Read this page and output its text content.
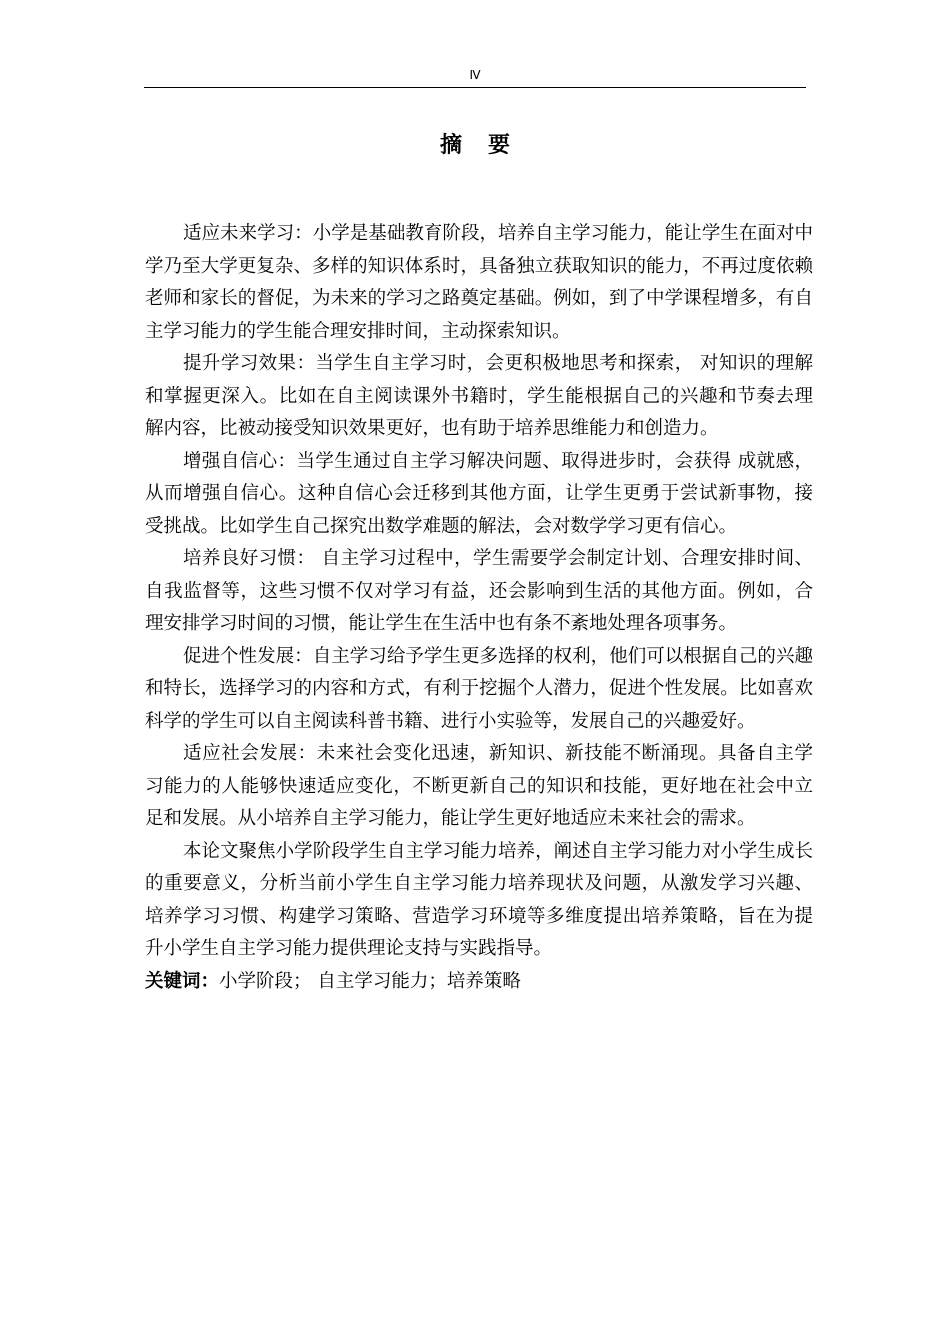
Ⅳ
摘要

适应未来学习：小学是基础教育阶段，培养自主学习能力，能让学生在面对中学乃至大学更复杂、多样的知识体系时，具备独立获取知识的能力，不再过度依赖老师和家长的督促，为未来的学习之路奠定基础。例如，到了中学课程增多，有自主学习能力的学生能合理安排时间，主动探索知识。

提升学习效果：当学生自主学习时，会更积极地思考和探索， 对知识的理解 和掌握更深入。比如在自主阅读课外书籍时，学生能根据自己的兴趣和节奏去理 解内容，比被动接受知识效果更好，也有助于培养思维能力和创造力。

增强自信心：当学生通过自主学习解决问题、取得进步时，会获得 成就感， 从而增强自信心。这种自信心会迁移到其他方面，让学生更勇于尝试新事物，接 受挑战。比如学生自己探究出数学难题的解法，会对数学学习更有信心。

培养良好习惯： 自主学习过程中，学生需要学会制定计划、合理安排时间、 自我监督等，这些习惯不仅对学习有益，还会影响到生活的其他方面。例如，合 理安排学习时间的习惯，能让学生在生活中也有条不紊地处理各项事务。

促进个性发展：自主学习给予学生更多选择的权利，他们可以根据自己的兴趣和特长，选择学习的内容和方式，有利于挖掘个人潜力，促进个性发展。比如喜欢科学的学生可以自主阅读科普书籍、进行小实验等，发展自己的兴趣爱好。

适应社会发展：未来社会变化迅速，新知识、新技能不断涌现。具备自主学 习能力的人能够快速适应变化，不断更新自己的知识和技能，更好地在社会中立 足和发展。从小培养自主学习能力，能让学生更好地适应未来社会的需求。

本论文聚焦小学阶段学生自主学习能力培养，阐述自主学习能力对小学生成长的重要意义，分析当前小学生自主学习能力培养现状及问题，从激发学习兴趣、 培养学习习惯、构建学习策略、营造学习环境等多维度提出培养策略，旨在为提 升小学生自主学习能力提供理论支持与实践指导。

关键词：小学阶段； 自主学习能力；培养策略
